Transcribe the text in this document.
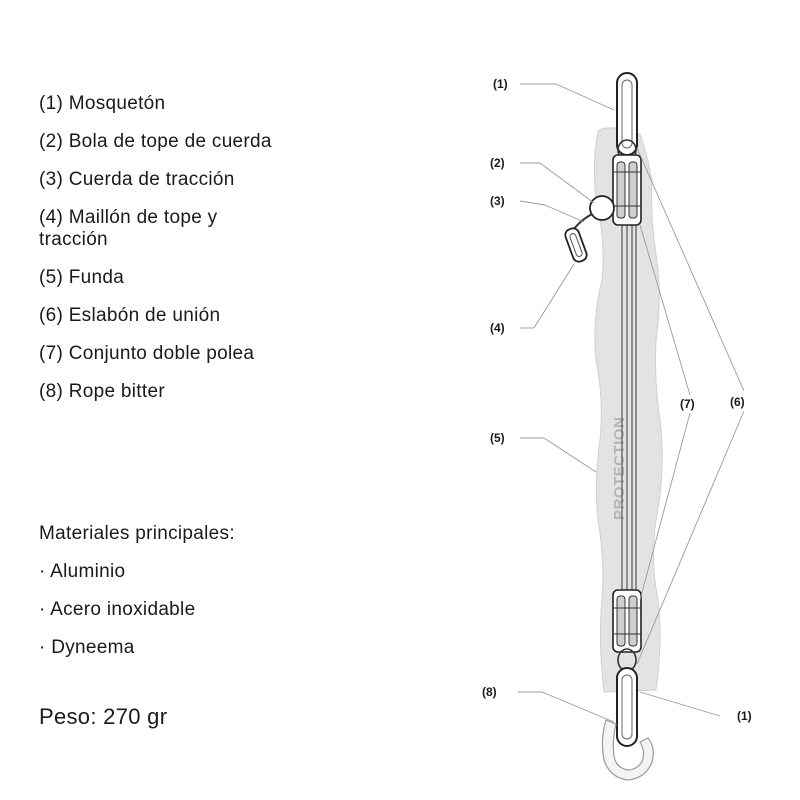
(1) Mosquetón
(2) Bola de tope de cuerda
(3) Cuerda de tracción
(4) Maillón de tope y tracción
(5) Funda
(6) Eslabón de unión
(7) Conjunto doble polea
(8) Rope bitter
Materiales principales:
· Aluminio
· Acero inoxidable
· Dyneema
Peso: 270 gr
PROTECTION
(1)
(2)
(3)
(4)
(5)
(7)	(6)
(8)
(1)
